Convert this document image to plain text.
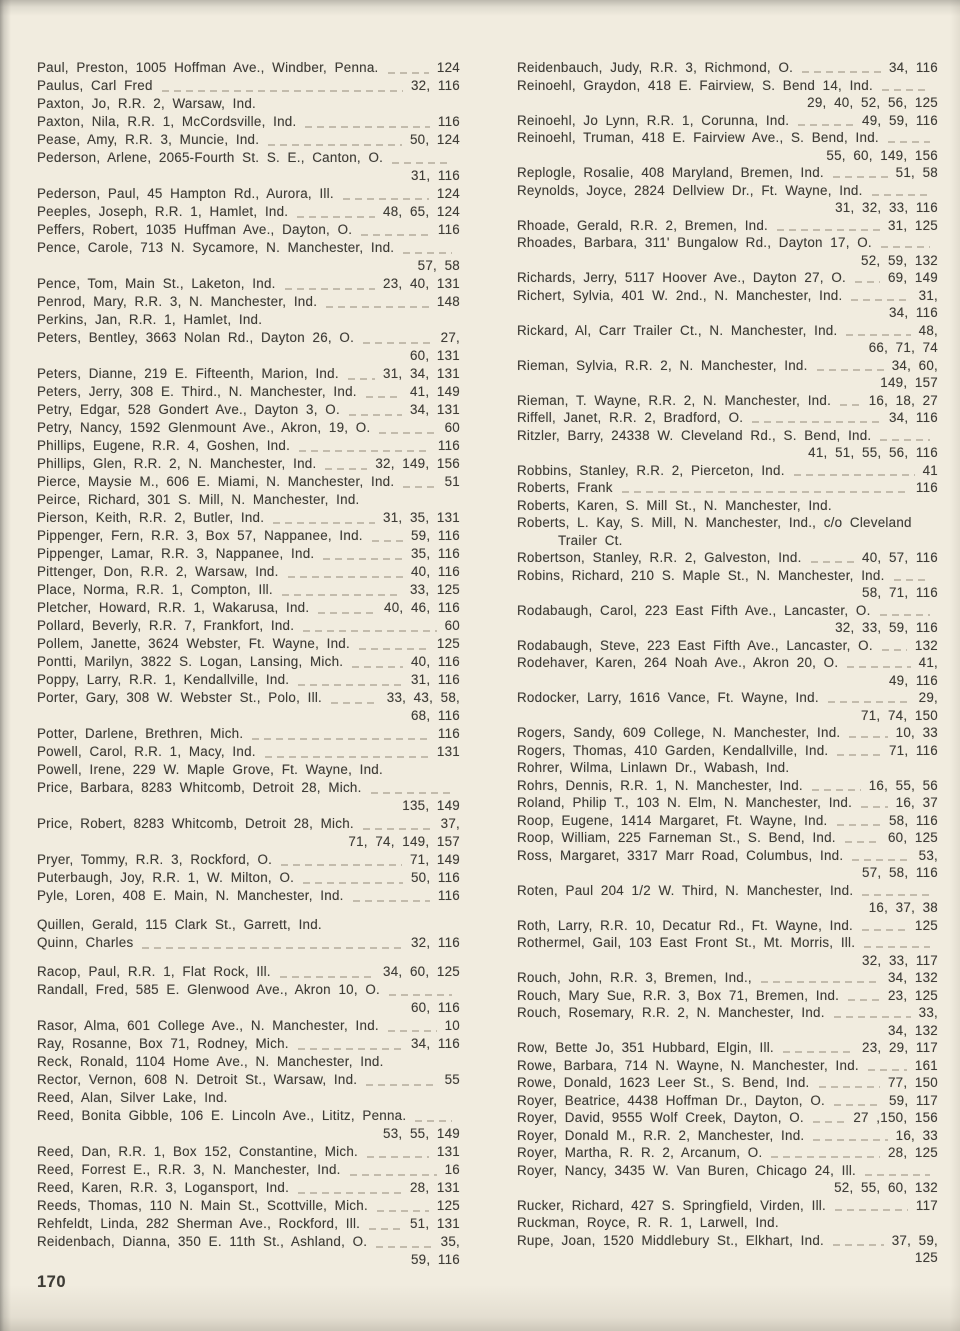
Paul, Preston, 1005 Hoffman Ave., Windber, Penna.	124
Paulus, Carl Fred	32, 116
Paxton, Jo, R.R. 2, Warsaw, Ind.
Paxton, Nila, R.R. 1, McCordsville, Ind.	116
Pease, Amy, R.R. 3, Muncie, Ind.	50, 124
Pederson, Arlene, 2065-Fourth St. S. E., Canton, O.
31, 116
Pederson, Paul, 45 Hampton Rd., Aurora, Ill.	124
Peeples, Joseph, R.R. 1, Hamlet, Ind.	48, 65, 124
Peffers, Robert, 1035 Huffman Ave., Dayton, O.	116
Pence, Carole, 713 N. Sycamore, N. Manchester, Ind.
57, 58
Pence, Tom, Main St., Laketon, Ind.	23, 40, 131
Penrod, Mary, R.R. 3, N. Manchester, Ind.	148
Perkins, Jan, R.R. 1, Hamlet, Ind.
Peters, Bentley, 3663 Nolan Rd., Dayton 26, O.	27,
60, 131
Peters, Dianne, 219 E. Fifteenth, Marion, Ind.	31, 34, 131
Peters, Jerry, 308 E. Third., N. Manchester, Ind.	41, 149
Petry, Edgar, 528 Gondert Ave., Dayton 3, O.	34, 131
Petry, Nancy, 1592 Glenmount Ave., Akron, 19, O.	60
Phillips, Eugene, R.R. 4, Goshen, Ind.	116
Phillips, Glen, R.R. 2, N. Manchester, Ind.	32, 149, 156
Pierce, Maysie M., 606 E. Miami, N. Manchester, Ind.	51
Peirce, Richard, 301 S. Mill, N. Manchester, Ind.
Pierson, Keith, R.R. 2, Butler, Ind.	31, 35, 131
Pippenger, Fern, R.R. 3, Box 57, Nappanee, Ind.	59, 116
Pippenger, Lamar, R.R. 3, Nappanee, Ind.	35, 116
Pittenger, Don, R.R. 2, Warsaw, Ind.	40, 116
Place, Norma, R.R. 1, Compton, Ill.	33, 125
Pletcher, Howard, R.R. 1, Wakarusa, Ind.	40, 46, 116
Pollard, Beverly, R.R. 7, Frankfort, Ind.	60
Pollem, Janette, 3624 Webster, Ft. Wayne, Ind.	125
Pontti, Marilyn, 3822 S. Logan, Lansing, Mich.	40, 116
Poppy, Larry, R.R. 1, Kendallville, Ind.	31, 116
Porter, Gary, 308 W. Webster St., Polo, Ill.	33, 43, 58,
68, 116
Potter, Darlene, Brethren, Mich.	116
Powell, Carol, R.R. 1, Macy, Ind.	131
Powell, Irene, 229 W. Maple Grove, Ft. Wayne, Ind.
Price, Barbara, 8283 Whitcomb, Detroit 28, Mich.
135, 149
Price, Robert, 8283 Whitcomb, Detroit 28, Mich.	37,
71, 74, 149, 157
Pryer, Tommy, R.R. 3, Rockford, O.	71, 149
Puterbaugh, Joy, R.R. 1, W. Milton, O.	50, 116
Pyle, Loren, 408 E. Main, N. Manchester, Ind.	116
Quillen, Gerald, 115 Clark St., Garrett, Ind.
Quinn, Charles	32, 116
Racop, Paul, R.R. 1, Flat Rock, Ill.	34, 60, 125
Randall, Fred, 585 E. Glenwood Ave., Akron 10, O.
60, 116
Rasor, Alma, 601 College Ave., N. Manchester, Ind.	10
Ray, Rosanne, Box 71, Rodney, Mich.	34, 116
Reck, Ronald, 1104 Home Ave., N. Manchester, Ind.
Rector, Vernon, 608 N. Detroit St., Warsaw, Ind.	55
Reed, Alan, Silver Lake, Ind.
Reed, Bonita Gibble, 106 E. Lincoln Ave., Lititz, Penna.
53, 55, 149
Reed, Dan, R.R. 1, Box 152, Constantine, Mich.	131
Reed, Forrest E., R.R. 3, N. Manchester, Ind.	16
Reed, Karen, R.R. 3, Logansport, Ind.	28, 131
Reeds, Thomas, 110 N. Main St., Scottville, Mich.	125
Rehfeldt, Linda, 282 Sherman Ave., Rockford, Ill.	51, 131
Reidenbach, Dianna, 350 E. 11th St., Ashland, O.	35,
59, 116
Reidenbauch, Judy, R.R. 3, Richmond, O.	34, 116
Reinoehl, Graydon, 418 E. Fairview, S. Bend 14, Ind.
29, 40, 52, 56, 125
Reinoehl, Jo Lynn, R.R. 1, Corunna, Ind.	49, 59, 116
Reinoehl, Truman, 418 E. Fairview Ave., S. Bend, Ind.
55, 60, 149, 156
Replogle, Rosalie, 408 Maryland, Bremen, Ind.	51, 58
Reynolds, Joyce, 2824 Dellview Dr., Ft. Wayne, Ind.
31, 32, 33, 116
Rhoade, Gerald, R.R. 2, Bremen, Ind.	31, 125
Rhoades, Barbara, 311' Bungalow Rd., Dayton 17, O.
52, 59, 132
Richards, Jerry, 5117 Hoover Ave., Dayton 27, O.	69, 149
Richert, Sylvia, 401 W. 2nd., N. Manchester, Ind.	31,
34, 116
Rickard, Al, Carr Trailer Ct., N. Manchester, Ind.	48,
66, 71, 74
Rieman, Sylvia, R.R. 2, N. Manchester, Ind.	34, 60,
149, 157
Rieman, T. Wayne, R.R. 2, N. Manchester, Ind.	16, 18, 27
Riffell, Janet, R.R. 2, Bradford, O.	34, 116
Ritzler, Barry, 24338 W. Cleveland Rd., S. Bend, Ind.
41, 51, 55, 56, 116
Robbins, Stanley, R.R. 2, Pierceton, Ind.	41
Roberts, Frank	116
Roberts, Karen, S. Mill St., N. Manchester, Ind.
Roberts, L. Kay, S. Mill, N. Manchester, Ind., c/o Cleveland
Trailer Ct.
Robertson, Stanley, R.R. 2, Galveston, Ind.	40, 57, 116
Robins, Richard, 210 S. Maple St., N. Manchester, Ind.
58, 71, 116
Rodabaugh, Carol, 223 East Fifth Ave., Lancaster, O.
32, 33, 59, 116
Rodabaugh, Steve, 223 East Fifth Ave., Lancaster, O.	132
Rodehaver, Karen, 264 Noah Ave., Akron 20, O.	41,
49, 116
Rodocker, Larry, 1616 Vance, Ft. Wayne, Ind.	29,
71, 74, 150
Rogers, Sandy, 609 College, N. Manchester, Ind.	10, 33
Rogers, Thomas, 410 Garden, Kendallville, Ind.	71, 116
Rohrer, Wilma, Linlawn Dr., Wabash, Ind.
Rohrs, Dennis, R.R. 1, N. Manchester, Ind.	16, 55, 56
Roland, Philip T., 103 N. Elm, N. Manchester, Ind.	16, 37
Roop, Eugene, 1414 Margaret, Ft. Wayne, Ind.	58, 116
Roop, William, 225 Farneman St., S. Bend, Ind.	60, 125
Ross, Margaret, 3317 Marr Road, Columbus, Ind.	53,
57, 58, 116
Roten, Paul 204 1/2 W. Third, N. Manchester, Ind.
16, 37, 38
Roth, Larry, R.R. 10, Decatur Rd., Ft. Wayne, Ind.	125
Rothermel, Gail, 103 East Front St., Mt. Morris, Ill.
32, 33, 117
Rouch, John, R.R. 3, Bremen, Ind.,	34, 132
Rouch, Mary Sue, R.R. 3, Box 71, Bremen, Ind.	23, 125
Rouch, Rosemary, R.R. 2, N. Manchester, Ind.	33,
34, 132
Row, Bette Jo, 351 Hubbard, Elgin, Ill.	23, 29, 117
Rowe, Barbara, 714 N. Wayne, N. Manchester, Ind.	161
Rowe, Donald, 1623 Leer St., S. Bend, Ind.	77, 150
Royer, Beatrice, 4438 Hoffman Dr., Dayton, O.	59, 117
Royer, David, 9555 Wolf Creek, Dayton, O.	27 ,150, 156
Royer, Donald M., R.R. 2, Manchester, Ind.	16, 33
Royer, Martha, R. R. 2, Arcanum, O.	28, 125
Royer, Nancy, 3435 W. Van Buren, Chicago 24, Ill.
52, 55, 60, 132
Rucker, Richard, 427 S. Springfield, Virden, Ill.	117
Ruckman, Royce, R. R. 1, Larwell, Ind.
Rupe, Joan, 1520 Middlebury St., Elkhart, Ind.	37, 59,
125
170
